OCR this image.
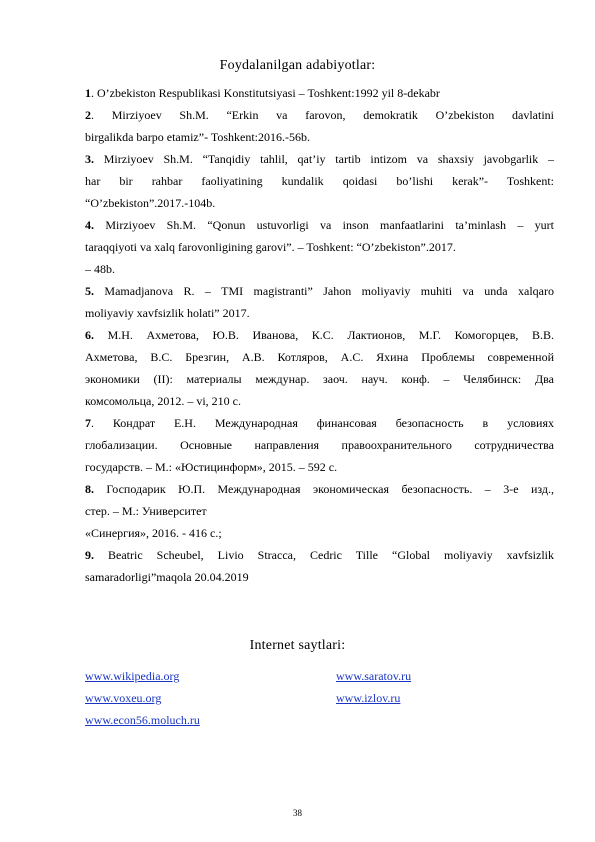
Foydalanilgan adabiyotlar:
1. O’zbekiston Respublikasi Konstitutsiyasi – Toshkent:1992 yil 8-dekabr
2. Mirziyoev Sh.M. “Erkin va farovon, demokratik O’zbekiston davlatini
birgalikda barpo etamiz”- Toshkent:2016.-56b.
3. Mirziyoev Sh.M. “Tanqidiy tahlil, qat’iy tartib intizom va shaxsiy javobgarlik –
har bir rahbar faoliyatining kundalik qoidasi bo’lishi kerak”- Toshkent:
“O’zbekiston”.2017.-104b.
4. Mirziyoev Sh.M. “Qonun ustuvorligi va inson manfaatlarini ta’minlash – yurt
taraqqiyoti va xalq farovonligining garovi”. – Toshkent: “O’zbekiston”.2017.
– 48b.
5. Mamadjanova R. – TMI magistranti” Jahon moliyaviy muhiti va unda xalqaro
moliyaviy xavfsizlik holati” 2017.
6. М.Н. Ахметова, Ю.В. Иванова, К.С. Лактионов, М.Г. Комогорцев, В.В.
Ахметова, В.С. Брезгин, А.В. Котляров, А.С. Яхина Проблемы современной
экономики (II): материалы междунар. заоч. науч. конф. – Челябинск: Два
комсомольца, 2012. – vi, 210 с.
7. Кондрат Е.Н. Международная финансовая безопасность в условиях
глобализации. Основные направления правоохранительного сотрудничества
государств. – М.: «Юстицинформ», 2015. – 592 с.
8. Господарик Ю.П. Международная экономическая безопасность. – 3-е изд.,
стер. – М.: Университет
«Синергия», 2016. - 416 с.;
9. Beatric Scheubel, Livio Stracca, Cedric Tille “Global moliyaviy xavfsizlik
samaradorligi”maqola 20.04.2019
Internet saytlari:
www.wikipedia.org	www.saratov.ru
www.voxeu.org	www.izlov.ru
www.econ56.moluch.ru
38
